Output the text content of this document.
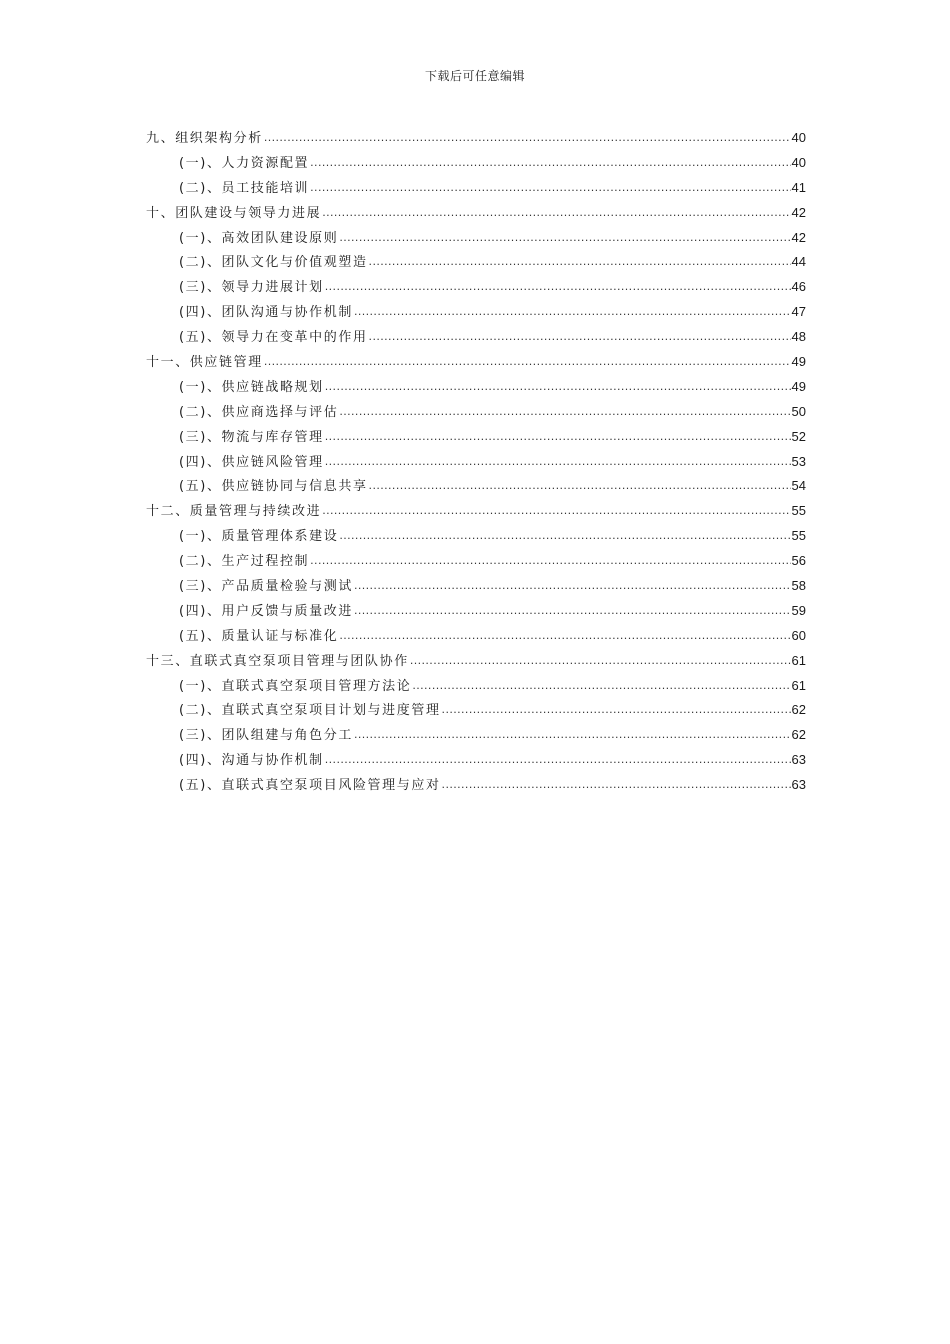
下载后可任意编辑
九、组织架构分析 .....	40
(一)、人力资源配置 .....	40
(二)、员工技能培训 .....	41
十、团队建设与领导力进展 .....	42
(一)、高效团队建设原则 .....	42
(二)、团队文化与价值观塑造 .....	44
(三)、领导力进展计划 .....	46
(四)、团队沟通与协作机制 .....	47
(五)、领导力在变革中的作用 .....	48
十一、供应链管理 .....	49
(一)、供应链战略规划 .....	49
(二)、供应商选择与评估 .....	50
(三)、物流与库存管理 .....	52
(四)、供应链风险管理 .....	53
(五)、供应链协同与信息共享 .....	54
十二、质量管理与持续改进 .....	55
(一)、质量管理体系建设 .....	55
(二)、生产过程控制 .....	56
(三)、产品质量检验与测试 .....	58
(四)、用户反馈与质量改进 .....	59
(五)、质量认证与标准化 .....	60
十三、直联式真空泵项目管理与团队协作 .....	61
(一)、直联式真空泵项目管理方法论 .....	61
(二)、直联式真空泵项目计划与进度管理 .....	62
(三)、团队组建与角色分工 .....	62
(四)、沟通与协作机制 .....	63
(五)、直联式真空泵项目风险管理与应对 .....	63
